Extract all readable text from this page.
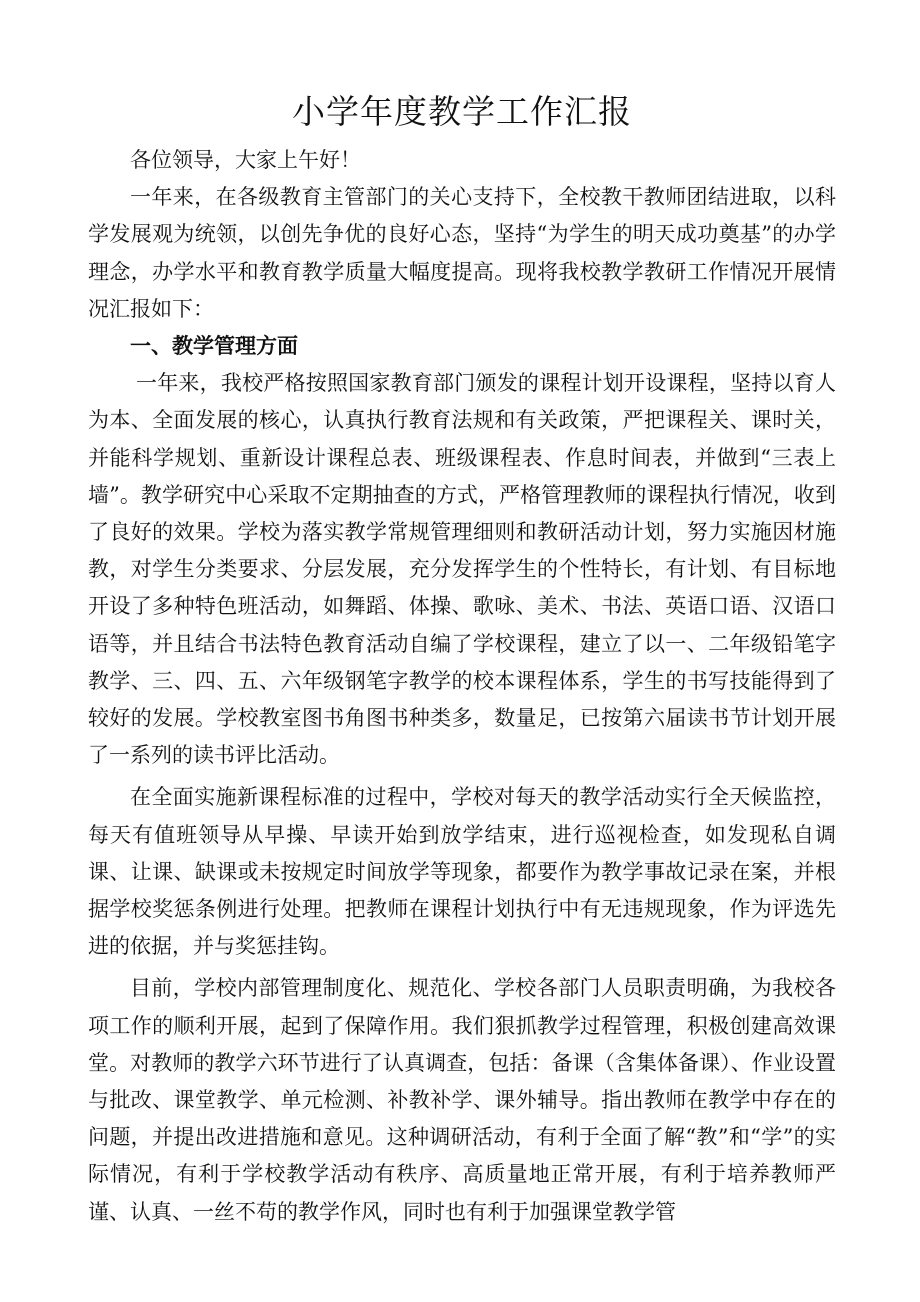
小学年度教学工作汇报

各位领导，大家上午好！

一年来，在各级教育主管部门的关心支持下，全校教干教师团结进取，以科学发展观为统领，以创先争优的良好心态，坚持“为学生的明天成功奠基”的办学理念，办学水平和教育教学质量大幅度提高。现将我校教学教研工作情况开展情况汇报如下：

一、教学管理方面

一年来，我校严格按照国家教育部门颁发的课程计划开设课程，坚持以育人为本、全面发展的核心，认真执行教育法规和有关政策，严把课程关、课时关，并能科学规划、重新设计课程总表、班级课程表、作息时间表，并做到“三表上墙”。教学研究中心采取不定期抽查的方式，严格管理教师的课程执行情况，收到了良好的效果。学校为落实教学常规管理细则和教研活动计划，努力实施因材施教，对学生分类要求、分层发展，充分发挥学生的个性特长，有计划、有目标地开设了多种特色班活动，如舞蹈、体操、歌咏、美术、书法、英语口语、汉语口语等，并且结合书法特色教育活动自编了学校课程，建立了以一、二年级铅笔字教学、三、四、五、六年级钢笔字教学的校本课程体系，学生的书写技能得到了较好的发展。学校教室图书角图书种类多，数量足，已按第六届读书节计划开展了一系列的读书评比活动。

在全面实施新课程标准的过程中，学校对每天的教学活动实行全天候监控，每天有值班领导从早操、早读开始到放学结束，进行巡视检查，如发现私自调课、让课、缺课或未按规定时间放学等现象，都要作为教学事故记录在案，并根据学校奖惩条例进行处理。把教师在课程计划执行中有无违规现象，作为评选先进的依据，并与奖惩挂钩。

目前，学校内部管理制度化、规范化、学校各部门人员职责明确，为我校各项工作的顺利开展，起到了保障作用。我们狠抓教学过程管理，积极创建高效课堂。对教师的教学六环节进行了认真调查，包括：备课（含集体备课）、作业设置与批改、课堂教学、单元检测、补教补学、课外辅导。指出教师在教学中存在的问题，并提出改进措施和意见。这种调研活动，有利于全面了解“教”和“学”的实际情况，有利于学校教学活动有秩序、高质量地正常开展，有利于培养教师严谨、认真、一丝不苟的教学作风，同时也有利于加强课堂教学管
